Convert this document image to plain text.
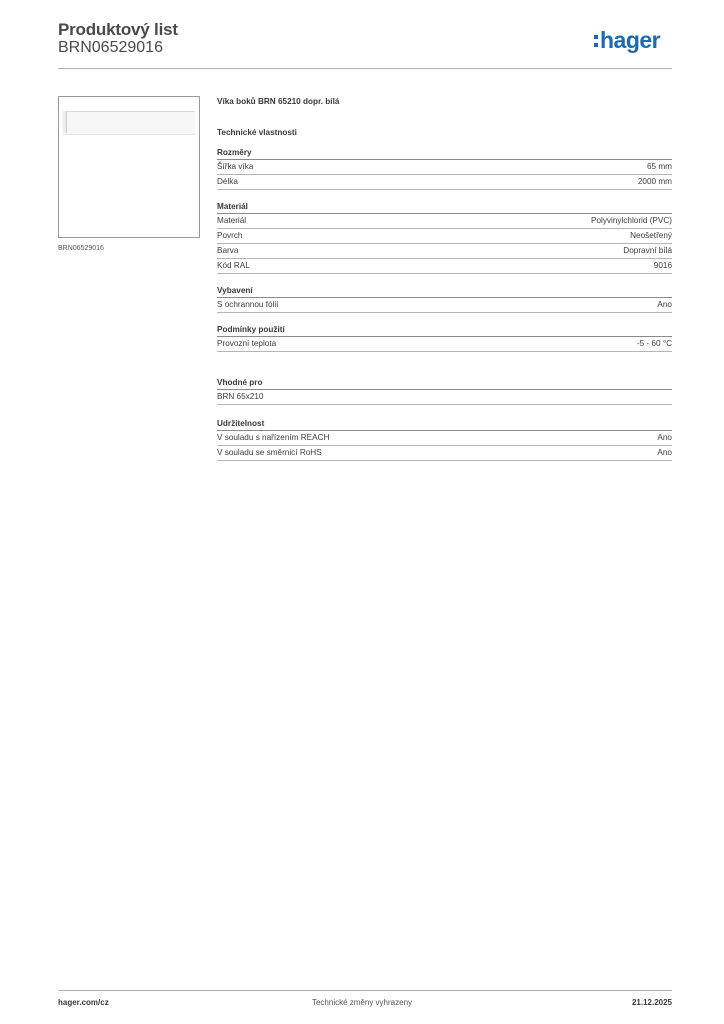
Produktový list
BRN06529016	hager
BRN06529016
Víka boků BRN 65210 dopr. bílá
Technické vlastnosti
Rozměry
Šířka víka	65 mm
Délka	2000 mm
Materiál
Materiál	Polyvinylchlorid (PVC)
Povrch	Neošetřený
Barva	Dopravní bílá
Kód RAL	9016
Vybavení
S ochrannou fólií	Ano
Podmínky použití
Provozní teplota	-5 - 60 °C
Vhodné pro
BRN 65x210
Udržitelnost
V souladu s nařízením REACH	Ano
V souladu se směrnicí RoHS	Ano
hager.com/cz	Technické změny vyhrazeny	21.12.2025
